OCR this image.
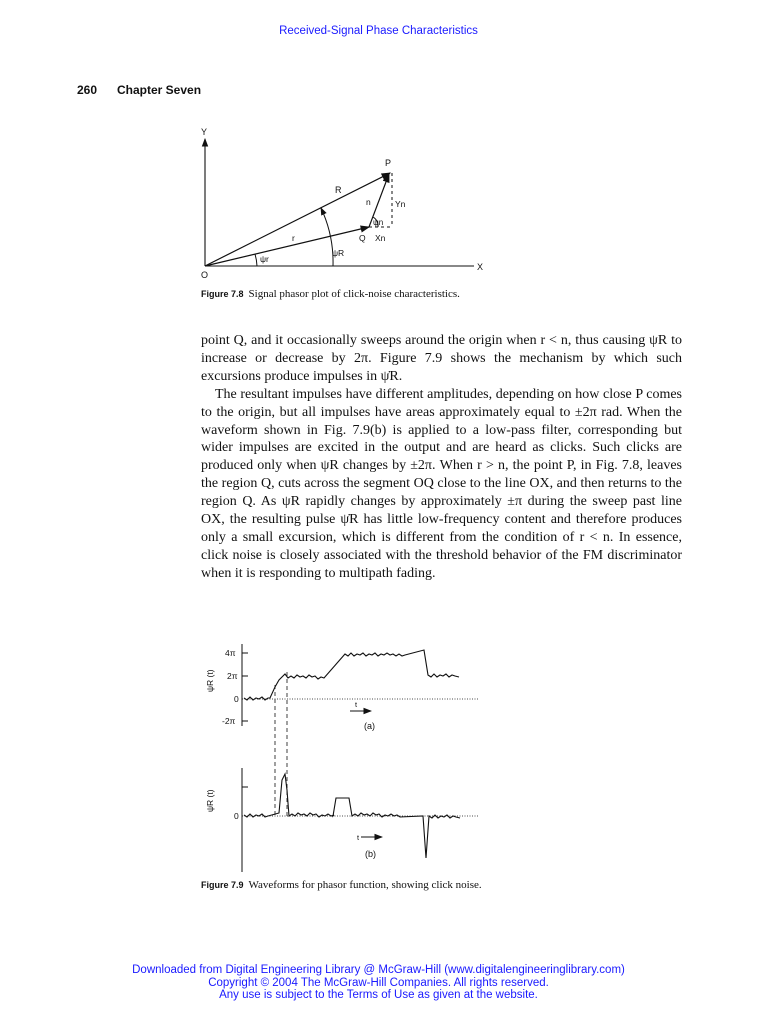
Received-Signal Phase Characteristics
260 Chapter Seven
Y
O
X
P
Q
R
r
n	Yn
Xn
ψn
ψr
ψR
Figure 7.8 Signal phasor plot of click-noise characteristics.

point Q, and it occasionally sweeps around the origin when r < n, thus causing ψR to increase or decrease by 2π. Figure 7.9 shows the mechanism by which such excursions produce impulses in ψ̇R.

The resultant impulses have different amplitudes, depending on how close P comes to the origin, but all impulses have areas approximately equal to ±2π rad. When the waveform shown in Fig. 7.9(b) is applied to a low-pass filter, corresponding but wider impulses are excited in the output and are heard as clicks. Such clicks are produced only when ψR changes by ±2π. When r > n, the point P, in Fig. 7.8, leaves the region Q, cuts across the segment OQ close to the line OX, and then returns to the region Q. As ψR rapidly changes by approximately ±π during the sweep past line OX, the resulting pulse ψ̇R has little low-frequency content and therefore produces only a small excursion, which is different from the condition of r < n. In essence, click noise is closely associated with the threshold behavior of the FM discriminator when it is responding to multipath fading.

4π
2π
0
-2π
0
ψR (t)
ψ̇R (t)
t
t
(a)
(b)
Figure 7.9 Waveforms for phasor function, showing click noise.
Downloaded from Digital Engineering Library @ McGraw-Hill (www.digitalengineeringlibrary.com)
Copyright © 2004 The McGraw-Hill Companies. All rights reserved.
Any use is subject to the Terms of Use as given at the website.
